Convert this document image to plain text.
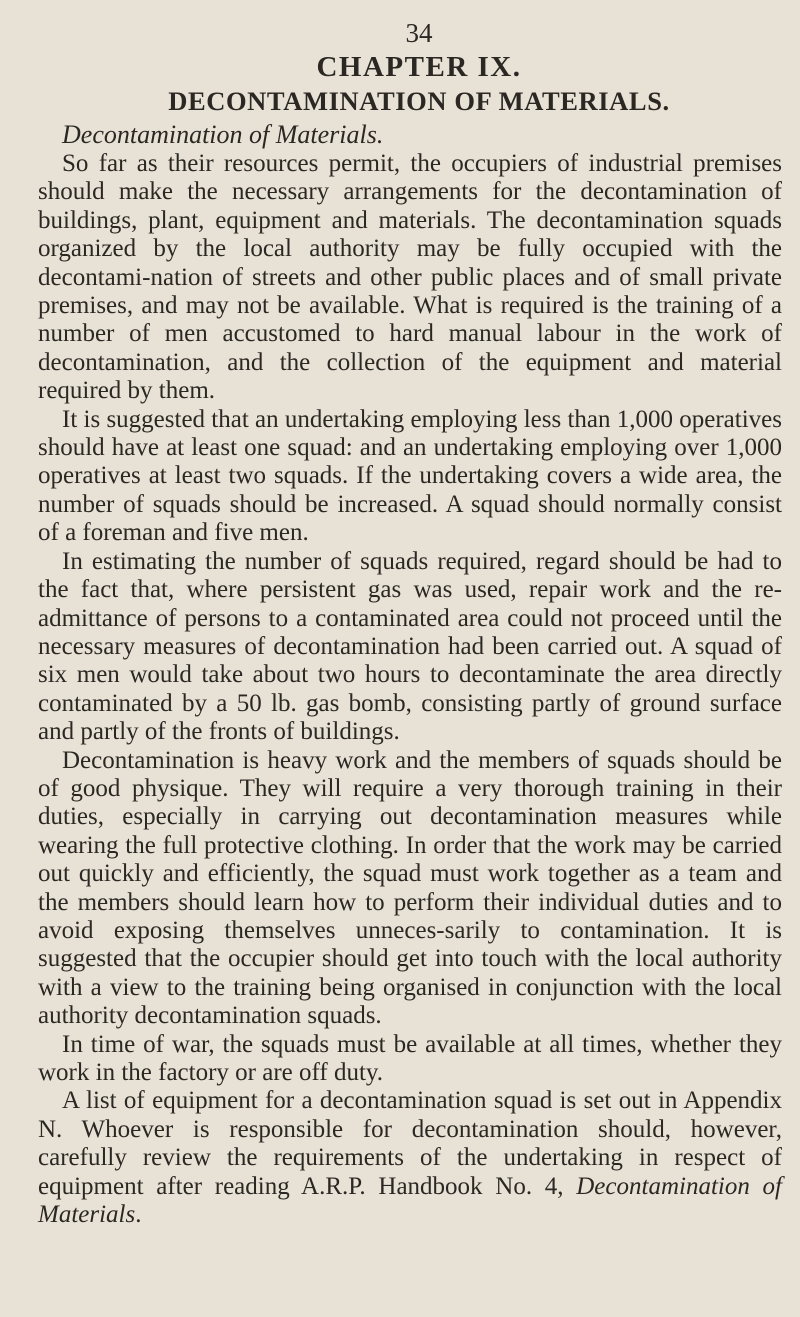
34
CHAPTER IX.
DECONTAMINATION OF MATERIALS.
Decontamination of Materials.

So far as their resources permit, the occupiers of industrial premises should make the necessary arrangements for the decontamination of buildings, plant, equipment and materials. The decontamination squads organized by the local authority may be fully occupied with the decontami-nation of streets and other public places and of small private premises, and may not be available. What is required is the training of a number of men accustomed to hard manual labour in the work of decontamination, and the collection of the equipment and material required by them.

It is suggested that an undertaking employing less than 1,000 operatives should have at least one squad: and an undertaking employing over 1,000 operatives at least two squads. If the undertaking covers a wide area, the number of squads should be increased. A squad should normally consist of a foreman and five men.

In estimating the number of squads required, regard should be had to the fact that, where persistent gas was used, repair work and the re-admittance of persons to a contaminated area could not proceed until the necessary measures of decontamination had been carried out. A squad of six men would take about two hours to decontaminate the area directly contaminated by a 50 lb. gas bomb, consisting partly of ground surface and partly of the fronts of buildings.

Decontamination is heavy work and the members of squads should be of good physique. They will require a very thorough training in their duties, especially in carrying out decontamination measures while wearing the full protective clothing. In order that the work may be carried out quickly and efficiently, the squad must work together as a team and the members should learn how to perform their individual duties and to avoid exposing themselves unneces-sarily to contamination. It is suggested that the occupier should get into touch with the local authority with a view to the training being organised in conjunction with the local authority decontamination squads.

In time of war, the squads must be available at all times, whether they work in the factory or are off duty.

A list of equipment for a decontamination squad is set out in Appendix N. Whoever is responsible for decontamination should, however, carefully review the requirements of the undertaking in respect of equipment after reading A.R.P. Handbook No. 4, Decontamination of Materials.
